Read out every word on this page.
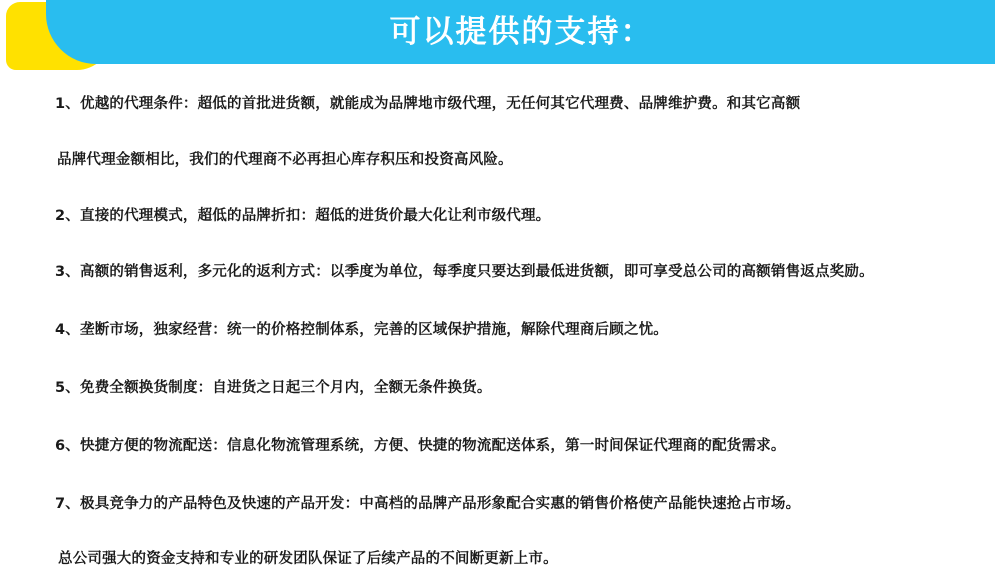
可以提供的支持：
1、优越的代理条件：超低的首批进货额，就能成为品牌地市级代理，无任何其它代理费、品牌维护费。和其它高额
品牌代理金额相比，我们的代理商不必再担心库存积压和投资高风险。
2、直接的代理模式，超低的品牌折扣：超低的进货价最大化让利市级代理。
3、高额的销售返利，多元化的返利方式：以季度为单位，每季度只要达到最低进货额，即可享受总公司的高额销售返点奖励。
4、垄断市场，独家经营：统一的价格控制体系，完善的区域保护措施，解除代理商后顾之忧。
5、免费全额换货制度：自进货之日起三个月内，全额无条件换货。
6、快捷方便的物流配送：信息化物流管理系统，方便、快捷的物流配送体系，第一时间保证代理商的配货需求。
7、极具竞争力的产品特色及快速的产品开发：中高档的品牌产品形象配合实惠的销售价格使产品能快速抢占市场。
总公司强大的资金支持和专业的研发团队保证了后续产品的不间断更新上市。
